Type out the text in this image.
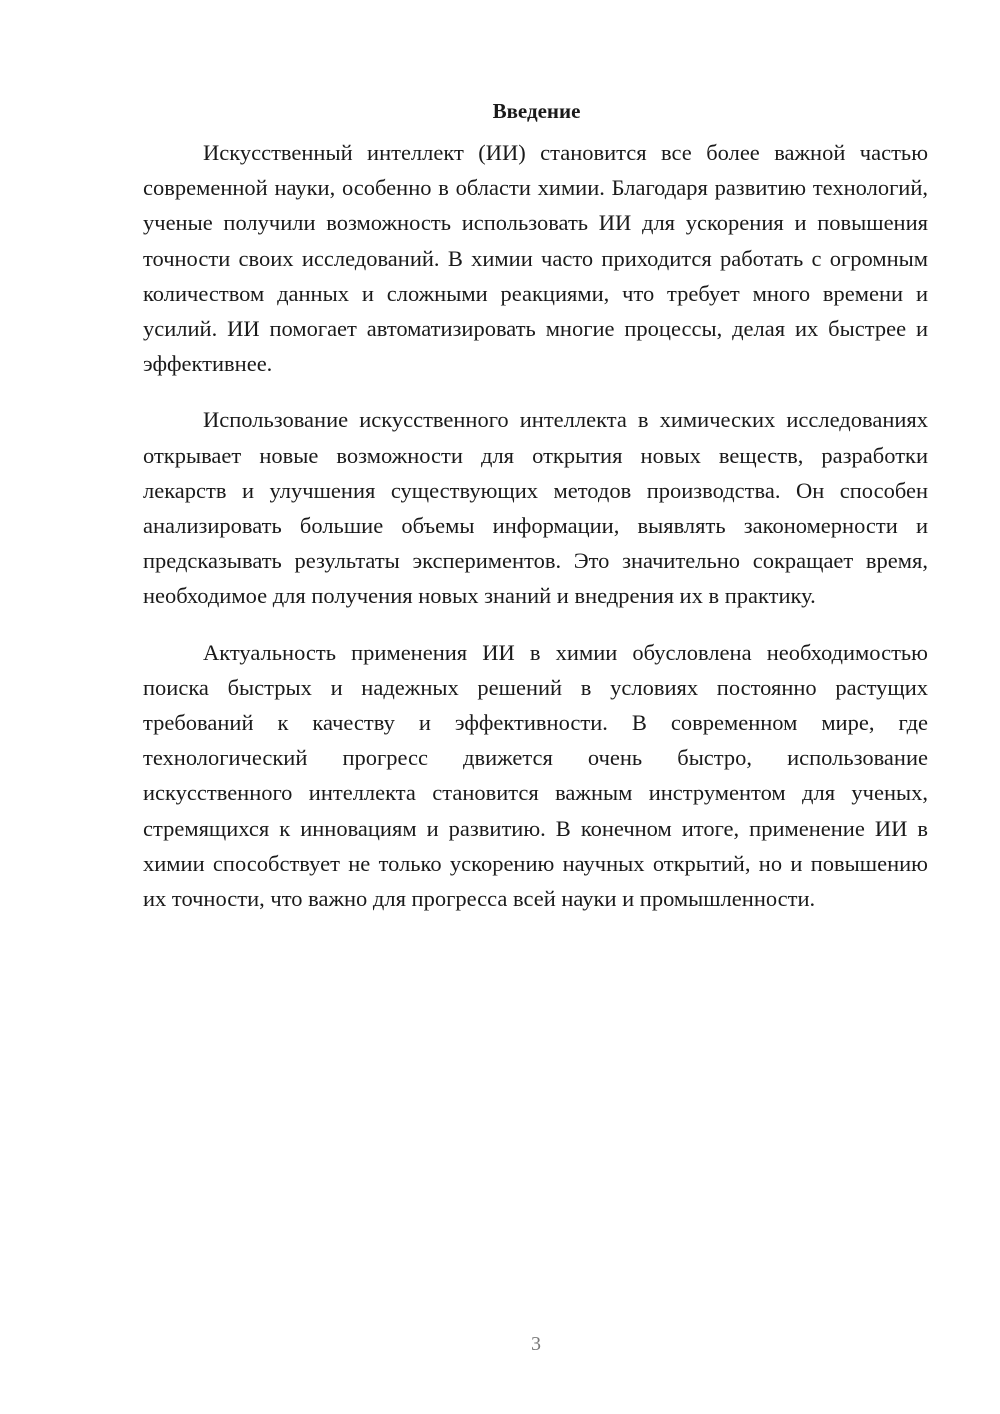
Введение

Искусственный интеллект (ИИ) становится все более важной частью современной науки, особенно в области химии. Благодаря развитию технологий, ученые получили возможность использовать ИИ для ускорения и повышения точности своих исследований. В химии часто приходится работать с огромным количеством данных и сложными реакциями, что требует много времени и усилий. ИИ помогает автоматизировать многие процессы, делая их быстрее и эффективнее.

Использование искусственного интеллекта в химических исследованиях открывает новые возможности для открытия новых веществ, разработки лекарств и улучшения существующих методов производства. Он способен анализировать большие объемы информации, выявлять закономерности и предсказывать результаты экспериментов. Это значительно сокращает время, необходимое для получения новых знаний и внедрения их в практику.

Актуальность применения ИИ в химии обусловлена необходимостью поиска быстрых и надежных решений в условиях постоянно растущих требований к качеству и эффективности. В современном мире, где технологический прогресс движется очень быстро, использование искусственного интеллекта становится важным инструментом для ученых, стремящихся к инновациям и развитию. В конечном итоге, применение ИИ в химии способствует не только ускорению научных открытий, но и повышению их точности, что важно для прогресса всей науки и промышленности.

3
